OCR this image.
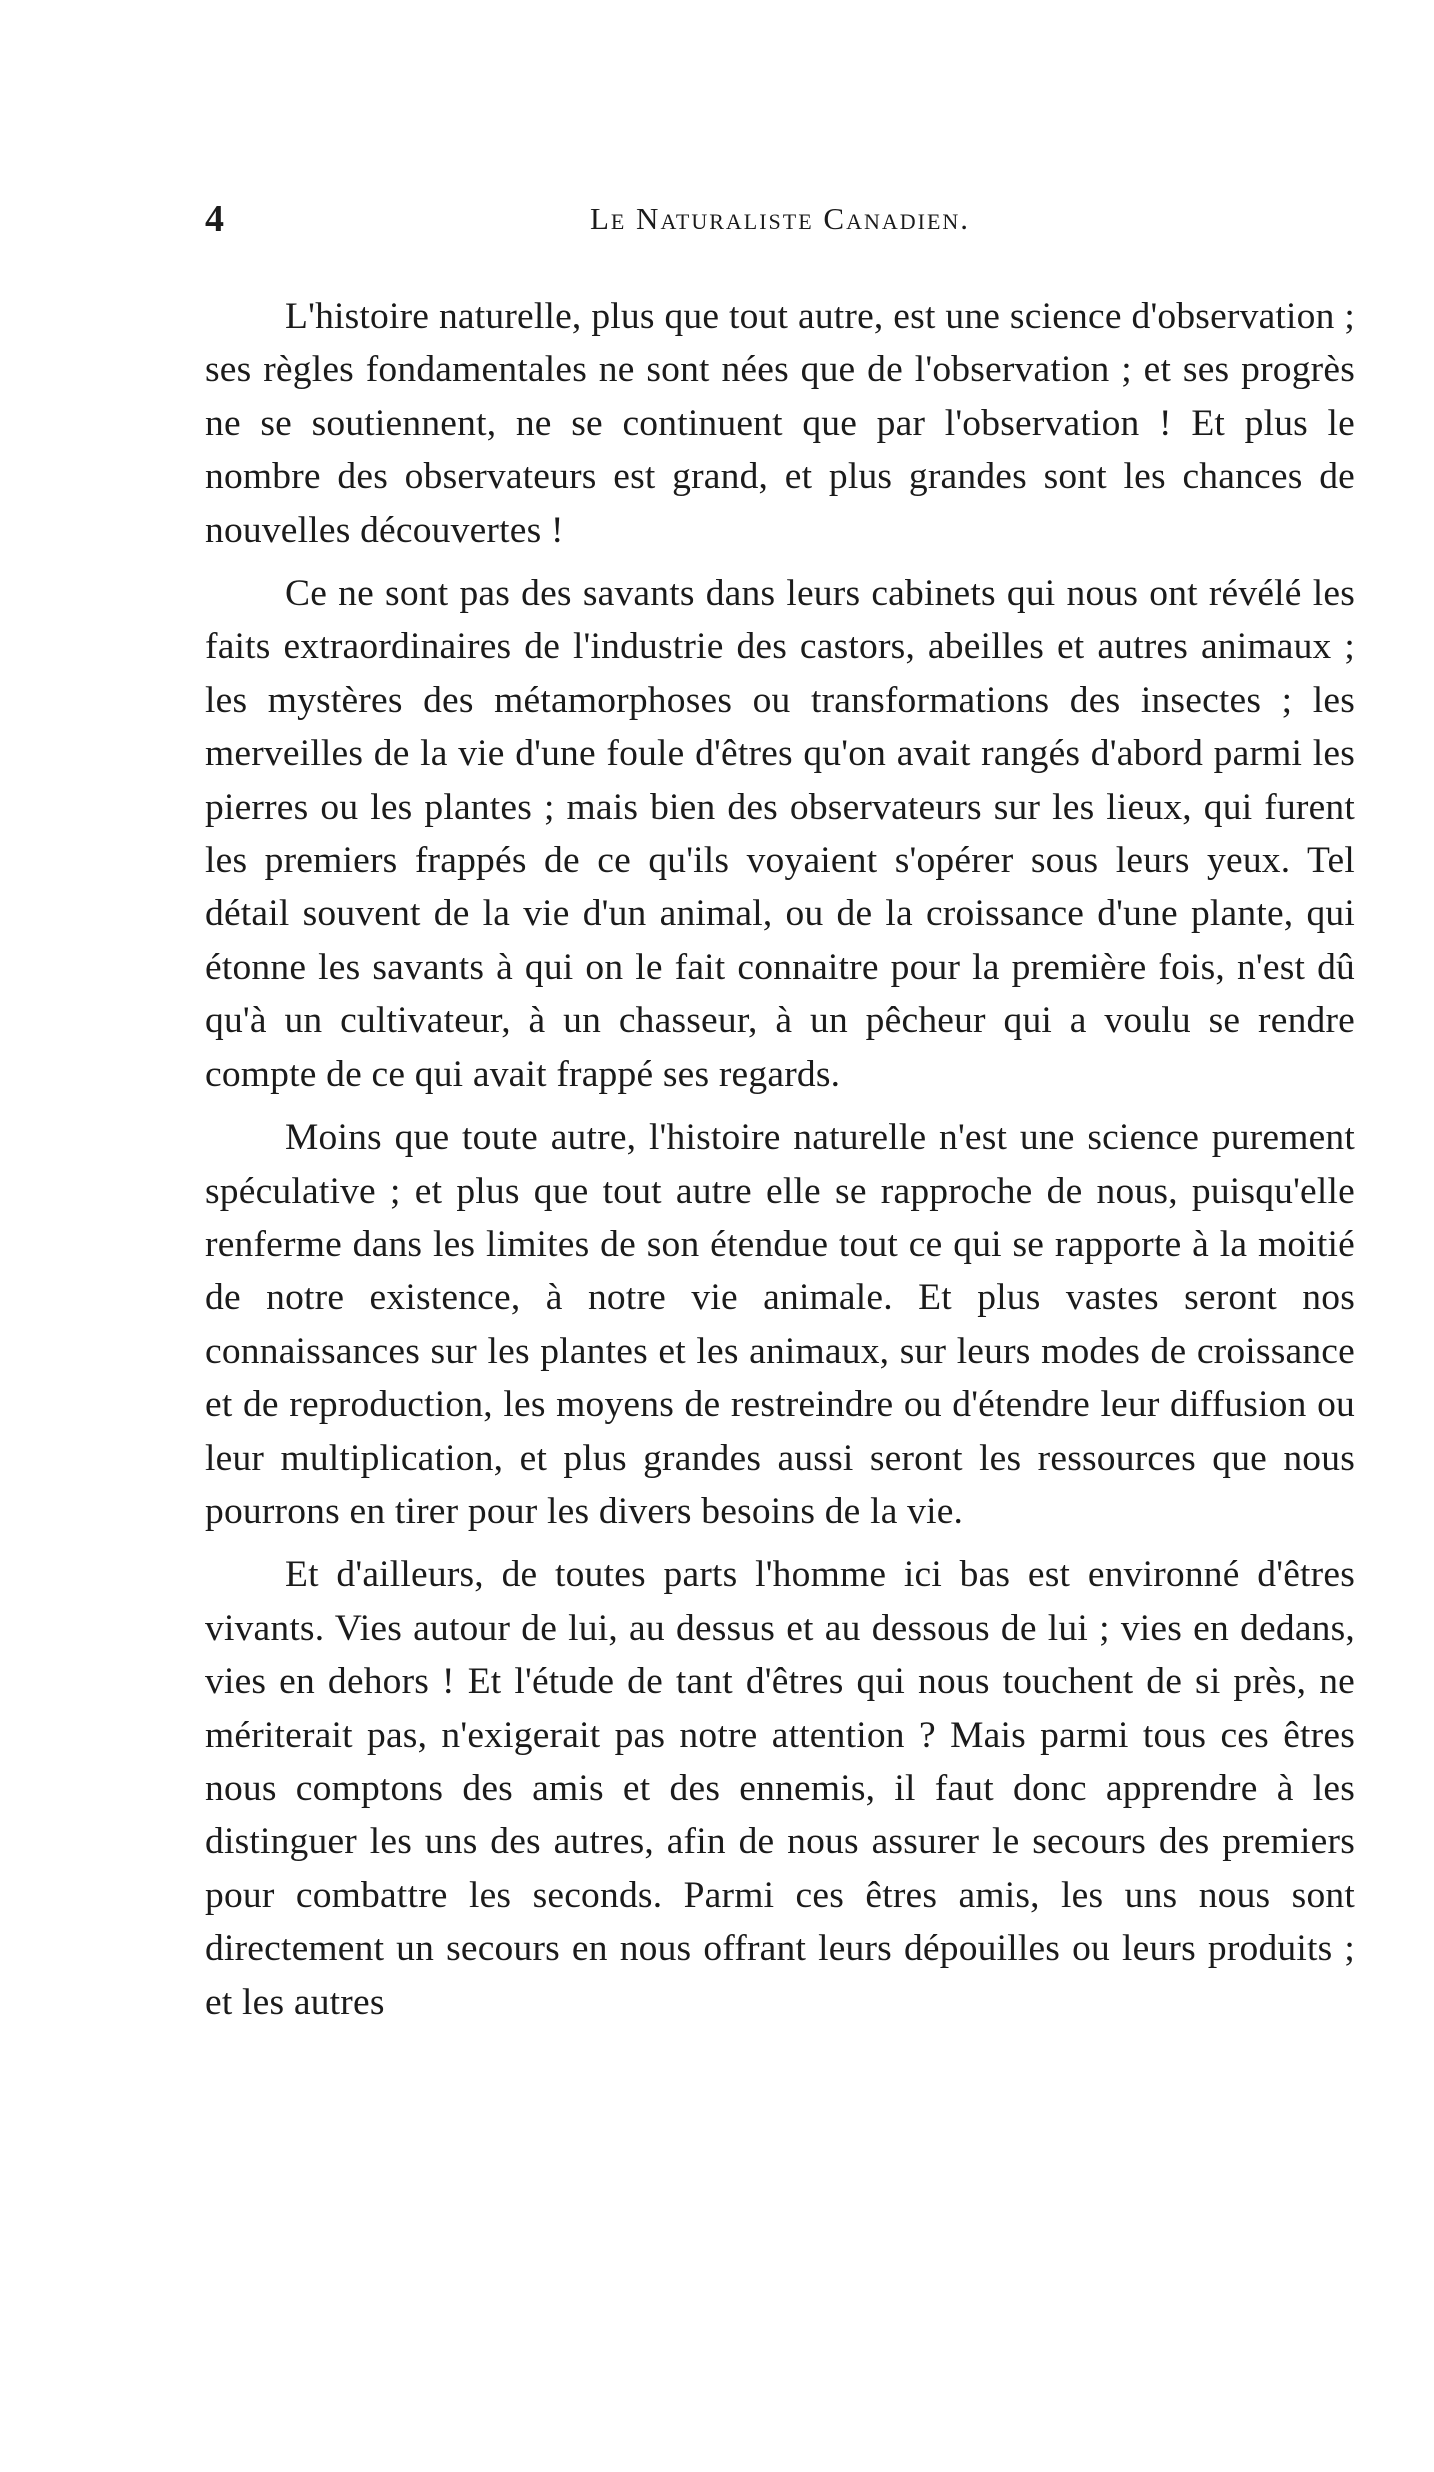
4	Le Naturaliste Canadien.

L'histoire naturelle, plus que tout autre, est une science d'observation ; ses règles fondamentales ne sont nées que de l'observation ; et ses progrès ne se soutiennent, ne se continuent que par l'observation ! Et plus le nombre des observateurs est grand, et plus grandes sont les chances de nouvelles découvertes !

Ce ne sont pas des savants dans leurs cabinets qui nous ont révélé les faits extraordinaires de l'industrie des castors, abeilles et autres animaux ; les mystères des métamorphoses ou transformations des insectes ; les merveilles de la vie d'une foule d'êtres qu'on avait rangés d'abord parmi les pierres ou les plantes ; mais bien des observateurs sur les lieux, qui furent les premiers frappés de ce qu'ils voyaient s'opérer sous leurs yeux. Tel détail souvent de la vie d'un animal, ou de la croissance d'une plante, qui étonne les savants à qui on le fait connaitre pour la première fois, n'est dû qu'à un cultivateur, à un chasseur, à un pêcheur qui a voulu se rendre compte de ce qui avait frappé ses regards.

Moins que toute autre, l'histoire naturelle n'est une science purement spéculative ; et plus que tout autre elle se rapproche de nous, puisqu'elle renferme dans les limites de son étendue tout ce qui se rapporte à la moitié de notre existence, à notre vie animale. Et plus vastes seront nos connaissances sur les plantes et les animaux, sur leurs modes de croissance et de reproduction, les moyens de restreindre ou d'étendre leur diffusion ou leur multiplication, et plus grandes aussi seront les ressources que nous pourrons en tirer pour les divers besoins de la vie.

Et d'ailleurs, de toutes parts l'homme ici bas est environné d'êtres vivants. Vies autour de lui, au dessus et au dessous de lui ; vies en dedans, vies en dehors ! Et l'étude de tant d'êtres qui nous touchent de si près, ne mériterait pas, n'exigerait pas notre attention ? Mais parmi tous ces êtres nous comptons des amis et des ennemis, il faut donc apprendre à les distinguer les uns des autres, afin de nous assurer le secours des premiers pour combattre les seconds. Parmi ces êtres amis, les uns nous sont directement un secours en nous offrant leurs dépouilles ou leurs produits ; et les autres
